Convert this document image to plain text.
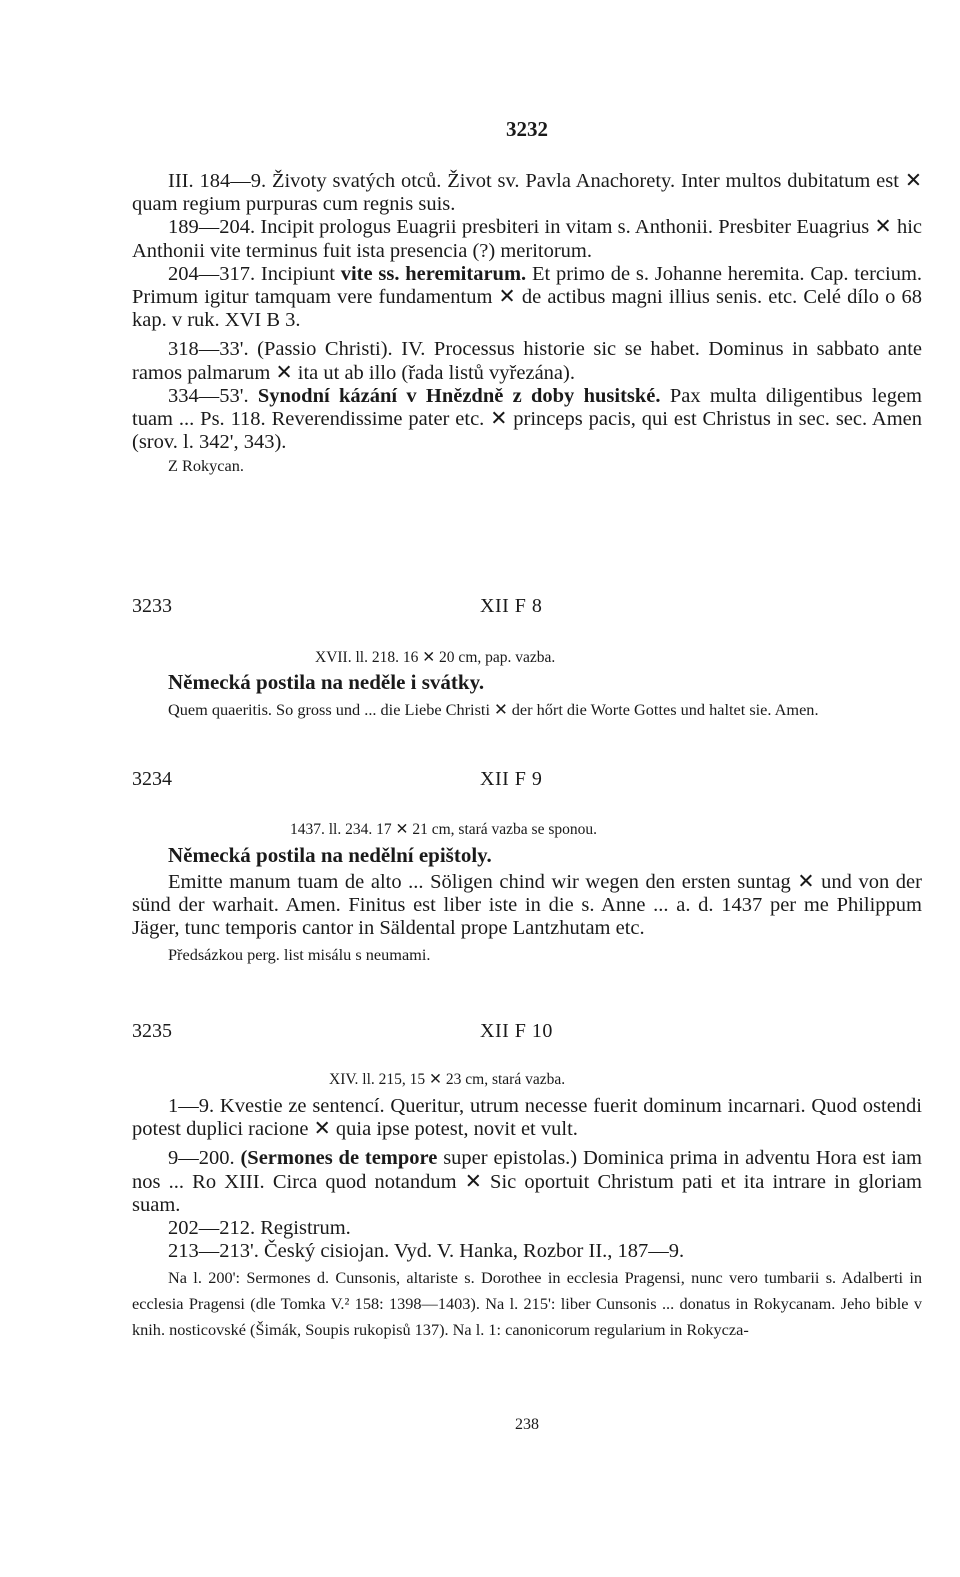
3232

III. 184—9. Životy svatých otců. Život sv. Pavla Anachorety. Inter multos dubitatum est ✕ quam regium purpuras cum regnis suis.

189—204. Incipit prologus Euagrii presbiteri in vitam s. Anthonii. Presbiter Euagrius ✕ hic Anthonii vite terminus fuit ista presencia (?) meritorum.

204—317. Incipiunt vite ss. heremitarum. Et primo de s. Johanne heremita. Cap. tercium. Primum igitur tamquam vere fundamentum ✕ de actibus magni illius senis. etc. Celé dílo o 68 kap. v ruk. XVI B 3.

318—33'. (Passio Christi). IV. Processus historie sic se habet. Dominus in sabbato ante ramos palmarum ✕ ita ut ab illo (řada listů vyřezána).

334—53'. Synodní kázání v Hnězdně z doby husitské. Pax multa diligentibus legem tuam ... Ps. 118. Reverendissime pater etc. ✕ princeps pacis, qui est Christus in sec. sec. Amen (srov. l. 342', 343).

Z Rokycan.

3233	XII F 8
XVII. ll. 218. 16 ✕ 20 cm, pap. vazba.
Německá postila na neděle i svátky.

Quem quaeritis. So gross und ... die Liebe Christi ✕ der hőrt die Worte Gottes und haltet sie. Amen.

3234	XII F 9
1437. ll. 234. 17 ✕ 21 cm, stará vazba se sponou.
Německá postila na nedělní epištoly.

Emitte manum tuam de alto ... Söligen chind wir wegen den ersten suntag ✕ und von der sünd der warhait. Amen. Finitus est liber iste in die s. Anne ... a. d. 1437 per me Philippum Jäger, tunc temporis cantor in Säldental prope Lantzhutam etc.

Předsázkou perg. list misálu s neumami.

3235	XII F 10
XIV. ll. 215, 15 ✕ 23 cm, stará vazba.

1—9. Kvestie ze sentencí. Queritur, utrum necesse fuerit dominum incarnari. Quod ostendi potest duplici racione ✕ quia ipse potest, novit et vult.

9—200. (Sermones de tempore super epistolas.) Dominica prima in adventu Hora est iam nos ... Ro XIII. Circa quod notandum ✕ Sic oportuit Christum pati et ita intrare in gloriam suam.

202—212. Registrum.

213—213'. Český cisiojan. Vyd. V. Hanka, Rozbor II., 187—9.

Na l. 200': Sermones d. Cunsonis, altariste s. Dorothee in ecclesia Pragensi, nunc vero tumbarii s. Adalberti in ecclesia Pragensi (dle Tomka V.² 158: 1398—1403). Na l. 215': liber Cunsonis ... donatus in Rokycanam. Jeho bible v knih. nosticovské (Šimák, Soupis rukopisů 137). Na l. 1: canonicorum regularium in Rokycza-

238
